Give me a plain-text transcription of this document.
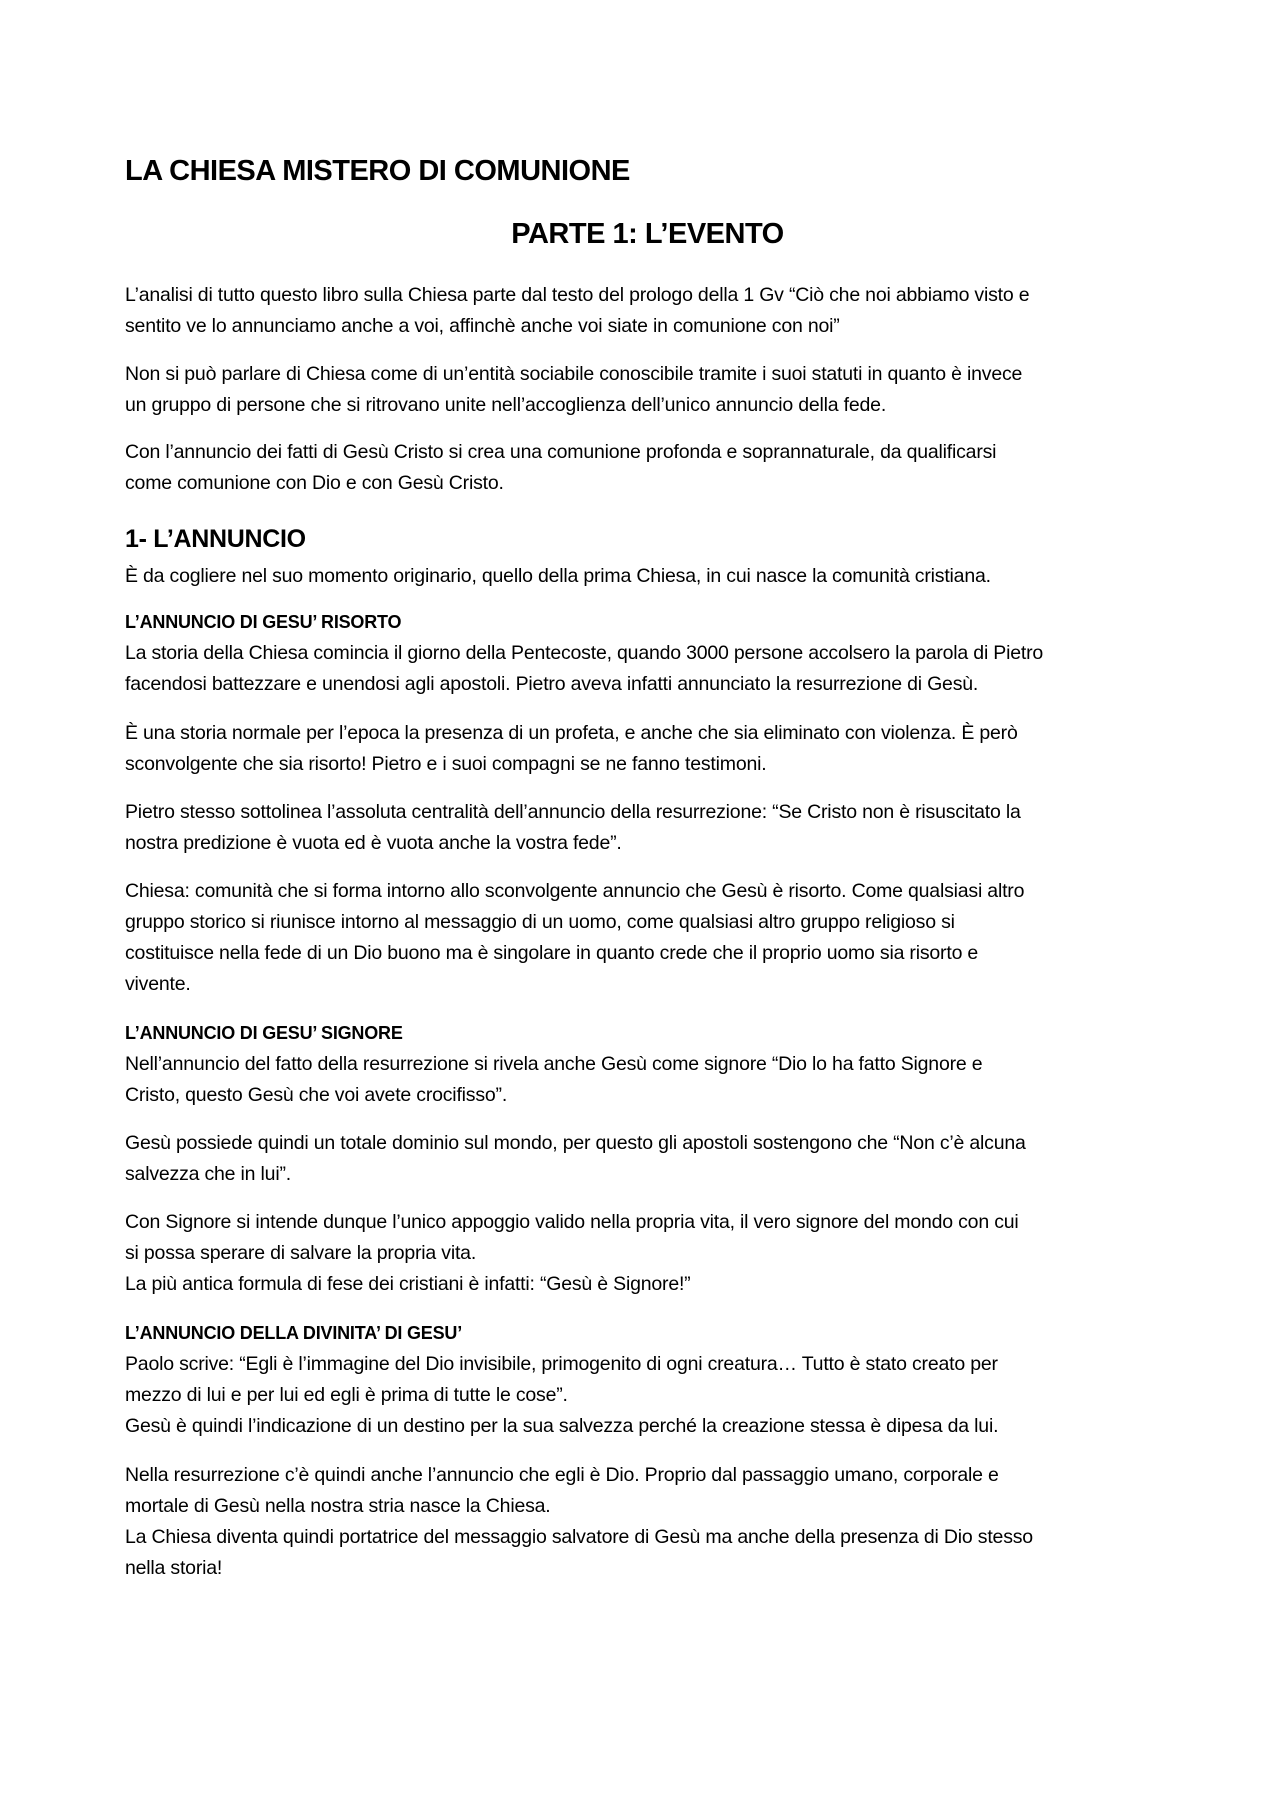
LA CHIESA MISTERO DI COMUNIONE
PARTE 1: L’EVENTO

L’analisi di tutto questo libro sulla Chiesa parte dal testo del prologo della 1 Gv “Ciò che noi abbiamo visto e
sentito ve lo annunciamo anche a voi, affinchè anche voi siate in comunione con noi”

Non si può parlare di Chiesa come di un’entità sociabile conoscibile tramite i suoi statuti in quanto è invece
un gruppo di persone che si ritrovano unite nell’accoglienza dell’unico annuncio della fede.

Con l’annuncio dei fatti di Gesù Cristo si crea una comunione profonda e soprannaturale, da qualificarsi
come comunione con Dio e con Gesù Cristo.

1- L’ANNUNCIO

È da cogliere nel suo momento originario, quello della prima Chiesa, in cui nasce la comunità cristiana.

L’ANNUNCIO DI GESU’ RISORTO

La storia della Chiesa comincia il giorno della Pentecoste, quando 3000 persone accolsero la parola di Pietro
facendosi battezzare e unendosi agli apostoli. Pietro aveva infatti annunciato la resurrezione di Gesù.

È una storia normale per l’epoca la presenza di un profeta, e anche che sia eliminato con violenza. È però
sconvolgente che sia risorto! Pietro e i suoi compagni se ne fanno testimoni.

Pietro stesso sottolinea l’assoluta centralità dell’annuncio della resurrezione: “Se Cristo non è risuscitato la
nostra predizione è vuota ed è vuota anche la vostra fede”.

Chiesa: comunità che si forma intorno allo sconvolgente annuncio che Gesù è risorto. Come qualsiasi altro
gruppo storico si riunisce intorno al messaggio di un uomo, come qualsiasi altro gruppo religioso si
costituisce nella fede di un Dio buono ma è singolare in quanto crede che il proprio uomo sia risorto e
vivente.

L’ANNUNCIO DI GESU’ SIGNORE

Nell’annuncio del fatto della resurrezione si rivela anche Gesù come signore “Dio lo ha fatto Signore e
Cristo, questo Gesù che voi avete crocifisso”.

Gesù possiede quindi un totale dominio sul mondo, per questo gli apostoli sostengono che “Non c’è alcuna
salvezza che in lui”.

Con Signore si intende dunque l’unico appoggio valido nella propria vita, il vero signore del mondo con cui
si possa sperare di salvare la propria vita.
La più antica formula di fese dei cristiani è infatti: “Gesù è Signore!”

L’ANNUNCIO DELLA DIVINITA’ DI GESU’

Paolo scrive: “Egli è l’immagine del Dio invisibile, primogenito di ogni creatura… Tutto è stato creato per
mezzo di lui e per lui ed egli è prima di tutte le cose”.
Gesù è quindi l’indicazione di un destino per la sua salvezza perché la creazione stessa è dipesa da lui.

Nella resurrezione c’è quindi anche l’annuncio che egli è Dio. Proprio dal passaggio umano, corporale e
mortale di Gesù nella nostra stria nasce la Chiesa.
La Chiesa diventa quindi portatrice del messaggio salvatore di Gesù ma anche della presenza di Dio stesso
nella storia!
